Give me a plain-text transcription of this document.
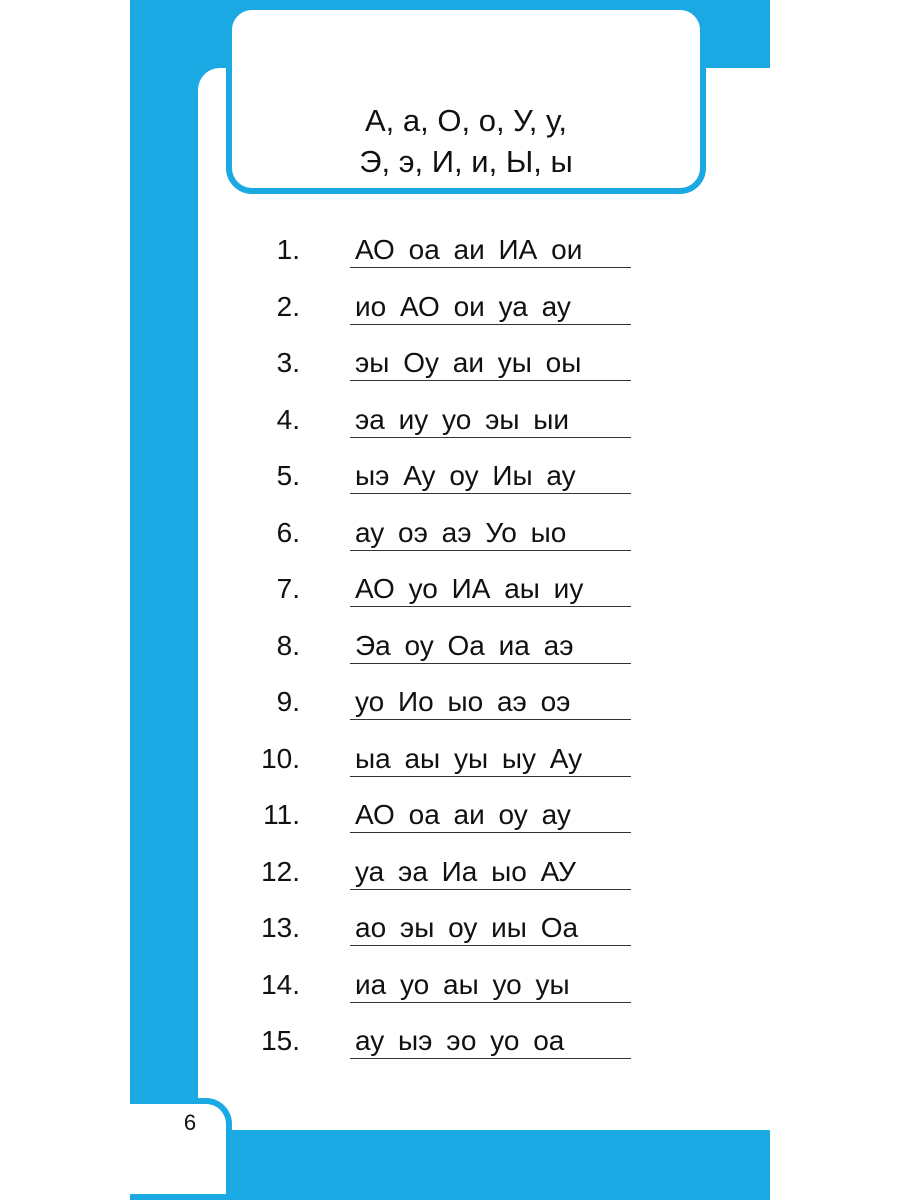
А, а, О, о, У, у,
Э, э, И, и, Ы, ы
1. АО оа аи ИА ои
2. ио АО ои уа ау
3. эы Оу аи уы оы
4. эа иу уо эы ыи
5. ыэ Ау оу Иы ау
6. ау оэ аэ Уо ыо
7. АО уо ИА аы иу
8. Эа оу Оа иа аэ
9. уо Ио ыо аэ оэ
10. ыа аы уы ыу Ау
11. АО оа аи оу ау
12. уа эа Иа ыо АУ
13. ао эы оу иы Оа
14. иа уо аы уо уы
15. ау ыэ эо уо оа
6
